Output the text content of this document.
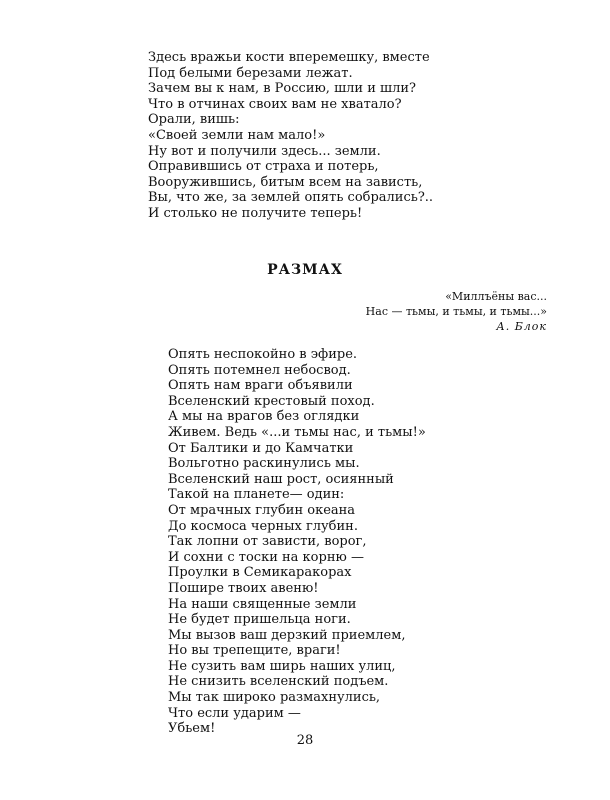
Здесь вражьи кости вперемешку, вместе
Под белыми березами лежат.
Зачем вы к нам, в Россию, шли и шли?
Что в отчинах своих вам не хватало?
Орали, вишь:
«Своей земли нам мало!»
Ну вот и получили здесь... земли.
Оправившись от страха и потерь,
Вооружившись, битым всем на зависть,
Вы, что же, за землей опять собрались?..
И столько не получите теперь!
РАЗМАХ
«Миллъёны вас...
Нас — тьмы, и тьмы, и тьмы...»
А. Блок
Опять неспокойно в эфире.
Опять потемнел небосвод.
Опять нам враги объявили
Вселенский крестовый поход.
А мы на врагов без оглядки
Живем. Ведь «...и тьмы нас, и тьмы!»
От Балтики и до Камчатки
Вольготно раскинулись мы.
Вселенский наш рост, осиянный
Такой на планете— один:
От мрачных глубин океана
До космоса черных глубин.
Так лопни от зависти, ворог,
И сохни с тоски на корню —
Проулки в Семикаракорах
Пошире твоих авеню!
На наши священные земли
Не будет пришельца ноги.
Мы вызов ваш дерзкий приемлем,
Но вы трепещите, враги!
Не сузить вам ширь наших улиц,
Не снизить вселенский подъем.
Мы так широко размахнулись,
Что если ударим —
Убьем!
28
